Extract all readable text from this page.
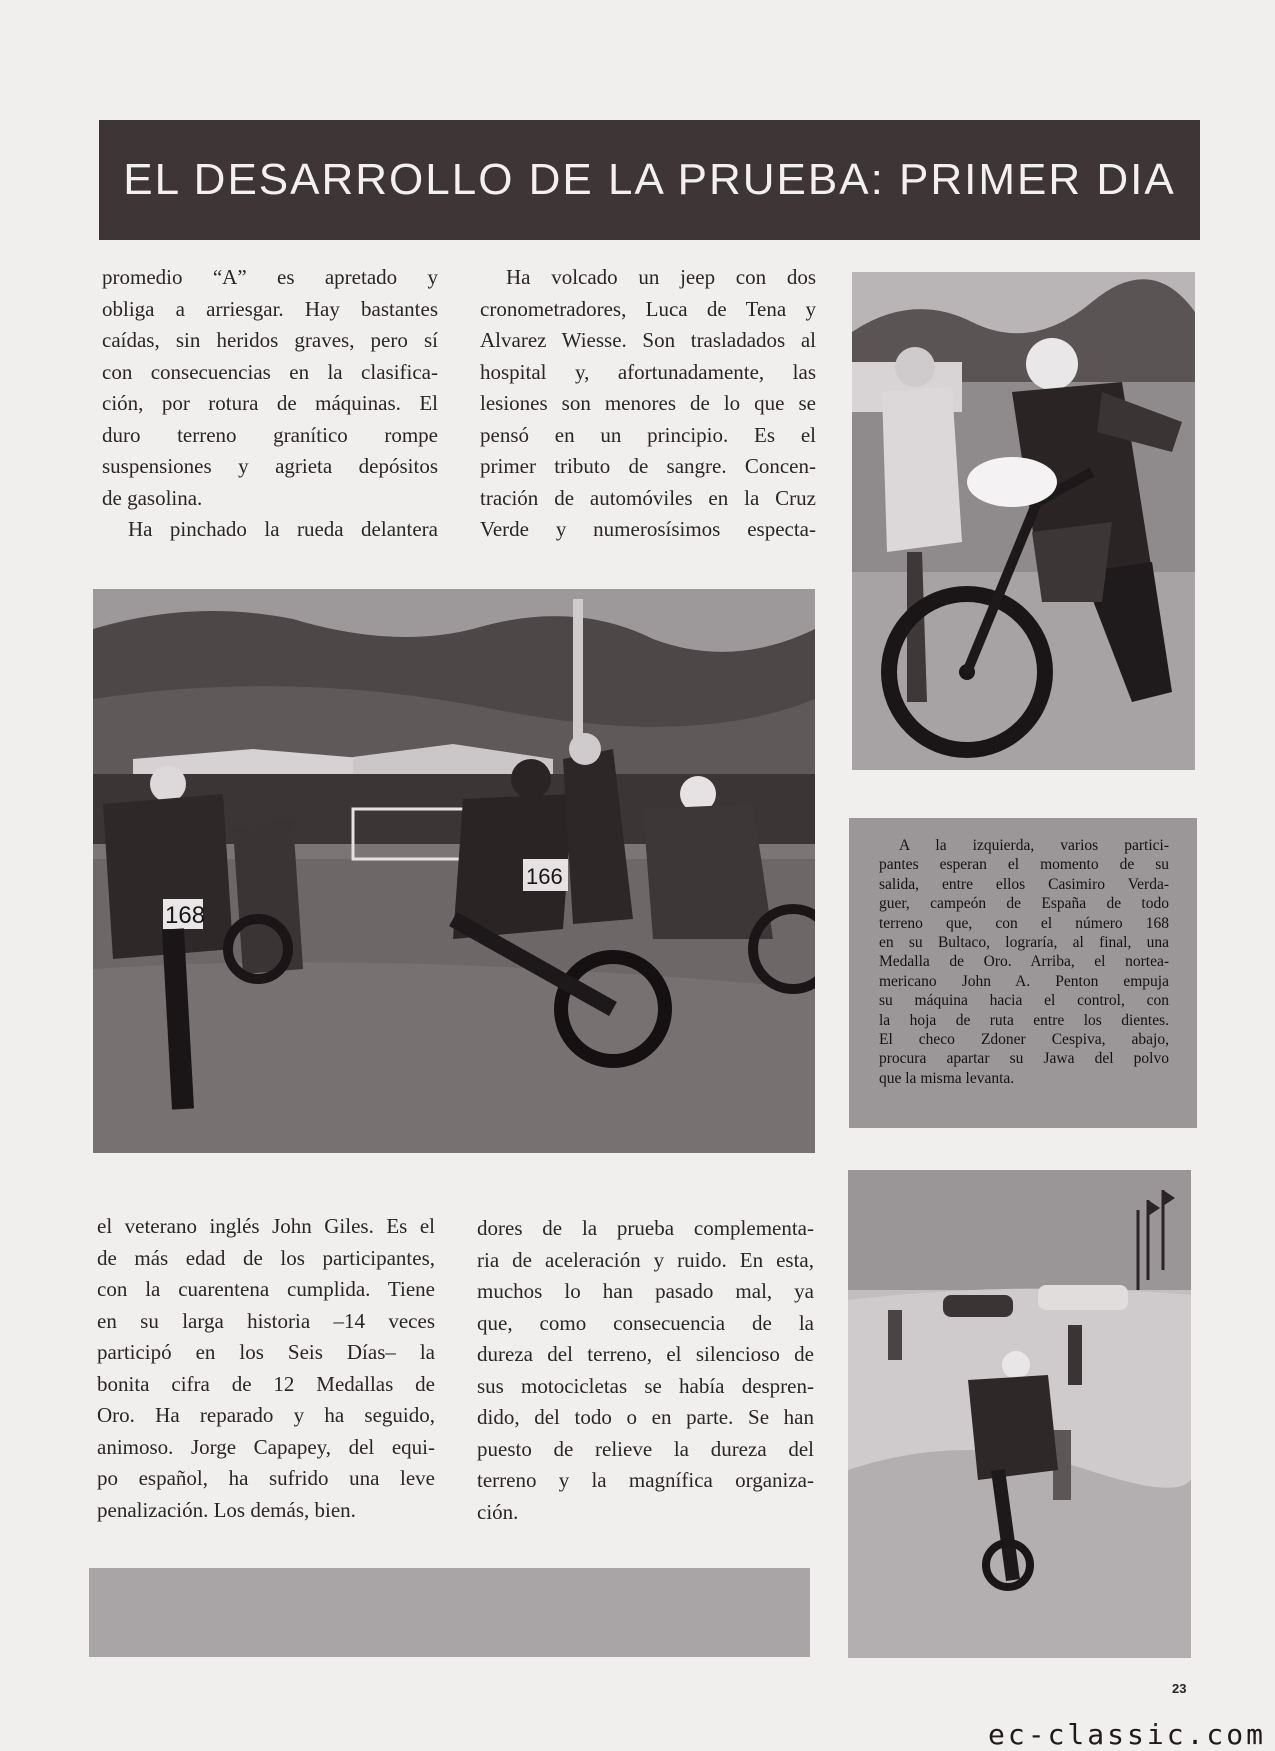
EL DESARROLLO DE LA PRUEBA: PRIMER DIA

promedio “A” es apretado y
obliga a arriesgar. Hay bastantes
caídas, sin heridos graves, pero sí
con consecuencias en la clasifica-
ción, por rotura de máquinas. El
duro terreno granítico rompe
suspensiones y agrieta depósitos
de gasolina.
Ha pinchado la rueda delantera

Ha volcado un jeep con dos
cronometradores, Luca de Tena y
Alvarez Wiesse. Son trasladados al
hospital y, afortunadamente, las
lesiones son menores de lo que se
pensó en un principio. Es el
primer tributo de sangre. Concen-
tración de automóviles en la Cruz
Verde y numerosísimos especta-

168
166
A la izquierda, varios partici-
pantes esperan el momento de su
salida, entre ellos Casimiro Verda-
guer, campeón de España de todo
terreno que, con el número 168
en su Bultaco, lograría, al final, una
Medalla de Oro. Arriba, el nortea-
mericano John A. Penton empuja
su máquina hacia el control, con
la hoja de ruta entre los dientes.
El checo Zdoner Cespiva, abajo,
procura apartar su Jawa del polvo
que la misma levanta.

el veterano inglés John Giles. Es el
de más edad de los participantes,
con la cuarentena cumplida. Tiene
en su larga historia –14 veces
participó en los Seis Días– la
bonita cifra de 12 Medallas de
Oro. Ha reparado y ha seguido,
animoso. Jorge Capapey, del equi-
po español, ha sufrido una leve
penalización. Los demás, bien.

dores de la prueba complementa-
ria de aceleración y ruido. En esta,
muchos lo han pasado mal, ya
que, como consecuencia de la
dureza del terreno, el silencioso de
sus motocicletas se había despren-
dido, del todo o en parte. Se han
puesto de relieve la dureza del
terreno y la magnífica organiza-
ción.

23
ec-classic.com
